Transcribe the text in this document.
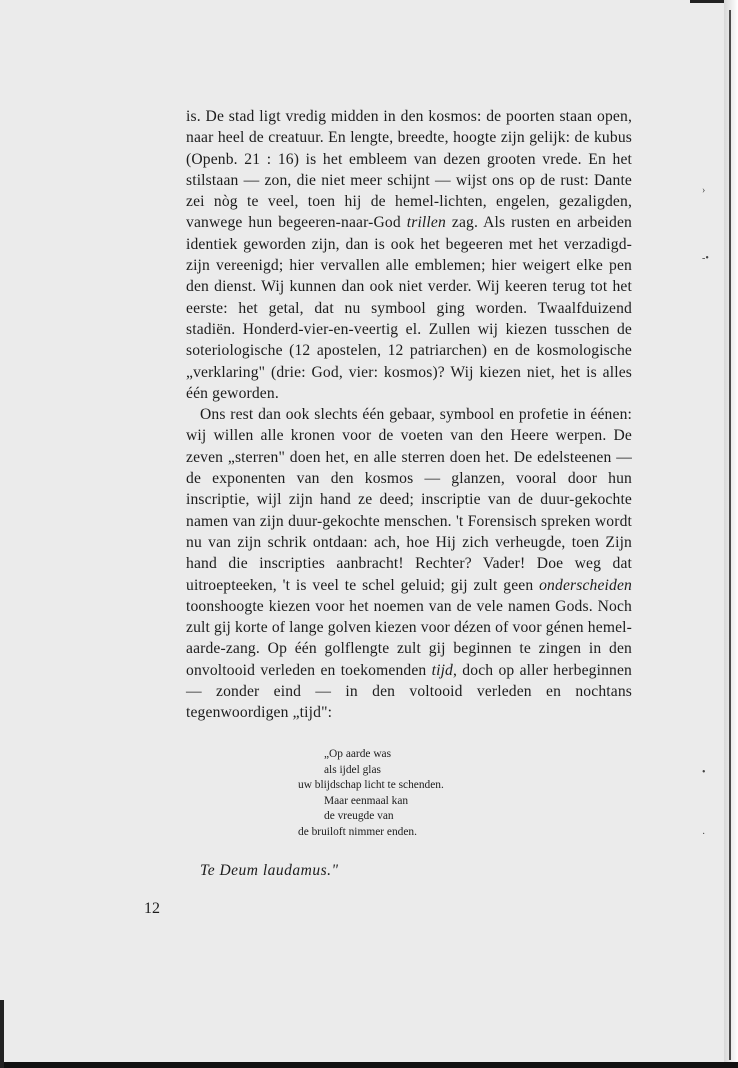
›
-•
•
·

is. De stad ligt vredig midden in den kosmos: de poorten staan open, naar heel de creatuur. En lengte, breedte, hoogte zijn gelijk: de kubus (Openb. 21 : 16) is het embleem van dezen grooten vrede. En het stilstaan — zon, die niet meer schijnt — wijst ons op de rust: Dante zei nòg te veel, toen hij de hemel-lichten, engelen, gezaligden, vanwege hun begeeren-naar-God trillen zag. Als rusten en arbeiden identiek geworden zijn, dan is ook het begeeren met het verzadigd-zijn vereenigd; hier vervallen alle emblemen; hier weigert elke pen den dienst. Wij kunnen dan ook niet verder. Wij keeren terug tot het eerste: het getal, dat nu symbool ging worden. Twaalfduizend stadiën. Honderd-vier-en-veertig el. Zullen wij kiezen tusschen de soteriologische (12 apostelen, 12 patriarchen) en de kosmologische „verklaring" (drie: God, vier: kosmos)? Wij kiezen niet, het is alles één geworden.

Ons rest dan ook slechts één gebaar, symbool en profetie in éénen: wij willen alle kronen voor de voeten van den Heere werpen. De zeven „sterren" doen het, en alle sterren doen het. De edelsteenen — de exponenten van den kosmos — glanzen, vooral door hun inscriptie, wijl zijn hand ze deed; inscriptie van de duur-gekochte namen van zijn duur-gekochte menschen. 't Forensisch spreken wordt nu van zijn schrik ontdaan: ach, hoe Hij zich verheugde, toen Zijn hand die inscripties aanbracht! Rechter? Vader! Doe weg dat uitroepteeken, 't is veel te schel geluid; gij zult geen onderscheiden toonshoogte kiezen voor het noemen van de vele namen Gods. Noch zult gij korte of lange golven kiezen voor dézen of voor génen hemel-aarde-zang. Op één golflengte zult gij beginnen te zingen in den onvoltooid verleden en toekomenden tijd, doch op aller herbeginnen — zonder eind — in den voltooid verleden en nochtans tegenwoordigen „tijd":

„Op aarde was
als ijdel glas
uw blijdschap licht te schenden.
Maar eenmaal kan
de vreugde van
de bruiloft nimmer enden.
Te Deum laudamus."
12
